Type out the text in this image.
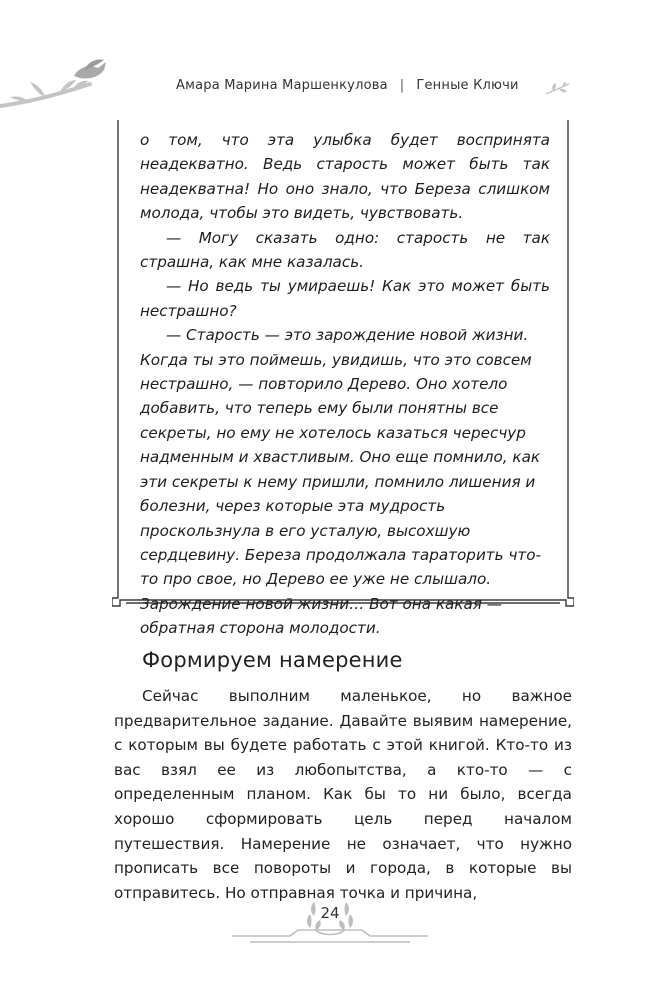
Амара Марина Маршенкулова | Генные Ключи

о том, что эта улыбка будет воспринята неадекватно. Ведь старость может быть так неадекватна! Но оно знало, что Береза слишком молода, чтобы это видеть, чувствовать.

— Могу сказать одно: старость не так страшна, как мне казалась.

— Но ведь ты умираешь! Как это может быть нестрашно?

— Старость — это зарождение новой жизни. Когда ты это поймешь, увидишь, что это совсем нестрашно, — повторило Дерево. Оно хотело добавить, что теперь ему были понятны все секреты, но ему не хотелось казаться чересчур надменным и хвастливым. Оно еще помнило, как эти секреты к нему пришли, помнило лишения и болезни, через которые эта мудрость проскользнула в его усталую, высохшую сердцевину. Береза продолжала тараторить что-то про свое, но Дерево ее уже не слышало. Зарождение новой жизни… Вот она какая — обратная сторона молодости.

Формируем намерение

Сейчас выполним маленькое, но важное предварительное задание. Давайте выявим намерение, с которым вы будете работать с этой книгой. Кто-то из вас взял ее из любопытства, а кто-то — с определенным планом. Как бы то ни было, всегда хорошо сформировать цель перед началом путешествия. Намерение не означает, что нужно прописать все повороты и города, в которые вы отправитесь. Но отправная точка и причина,

24
